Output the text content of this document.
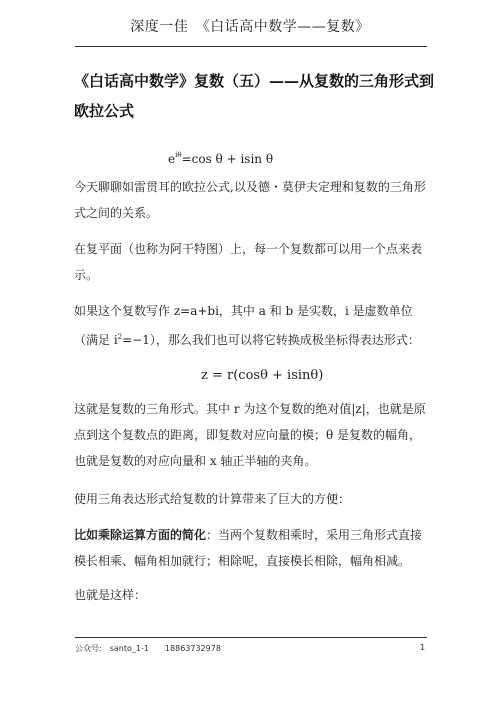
深度一佳　《白话高中数学——复数》
《白话高中数学》复数（五）——从复数的三角形式到欧拉公式
$e^{i\theta}=\cos$ θ + isin θ

今天聊聊如雷贯耳的欧拉公式,以及德・莫伊夫定理和复数的三角形式之间的关系。

在复平面（也称为阿干特图）上，每一个复数都可以用一个点来表示。

如果这个复数写作 z=a+bi，其中 a 和 b 是实数，i 是虚数单位（满足 $i^2=-1$），那么我们也可以将它转换成极坐标得表达形式：

z = r(cosθ + isinθ)

这就是复数的三角形式。其中 r 为这个复数的绝对值|z|，也就是原点到这个复数点的距离，即复数对应向量的模；θ 是复数的幅角，也就是复数的对应向量和 x 轴正半轴的夹角。

使用三角表达形式给复数的计算带来了巨大的方便：

比如乘除运算方面的简化：当两个复数相乘时，采用三角形式直接模长相乘、幅角相加就行；相除呢，直接模长相除，幅角相减。

也就是这样：

公众号:　santo_1-1　　18863732978	1
